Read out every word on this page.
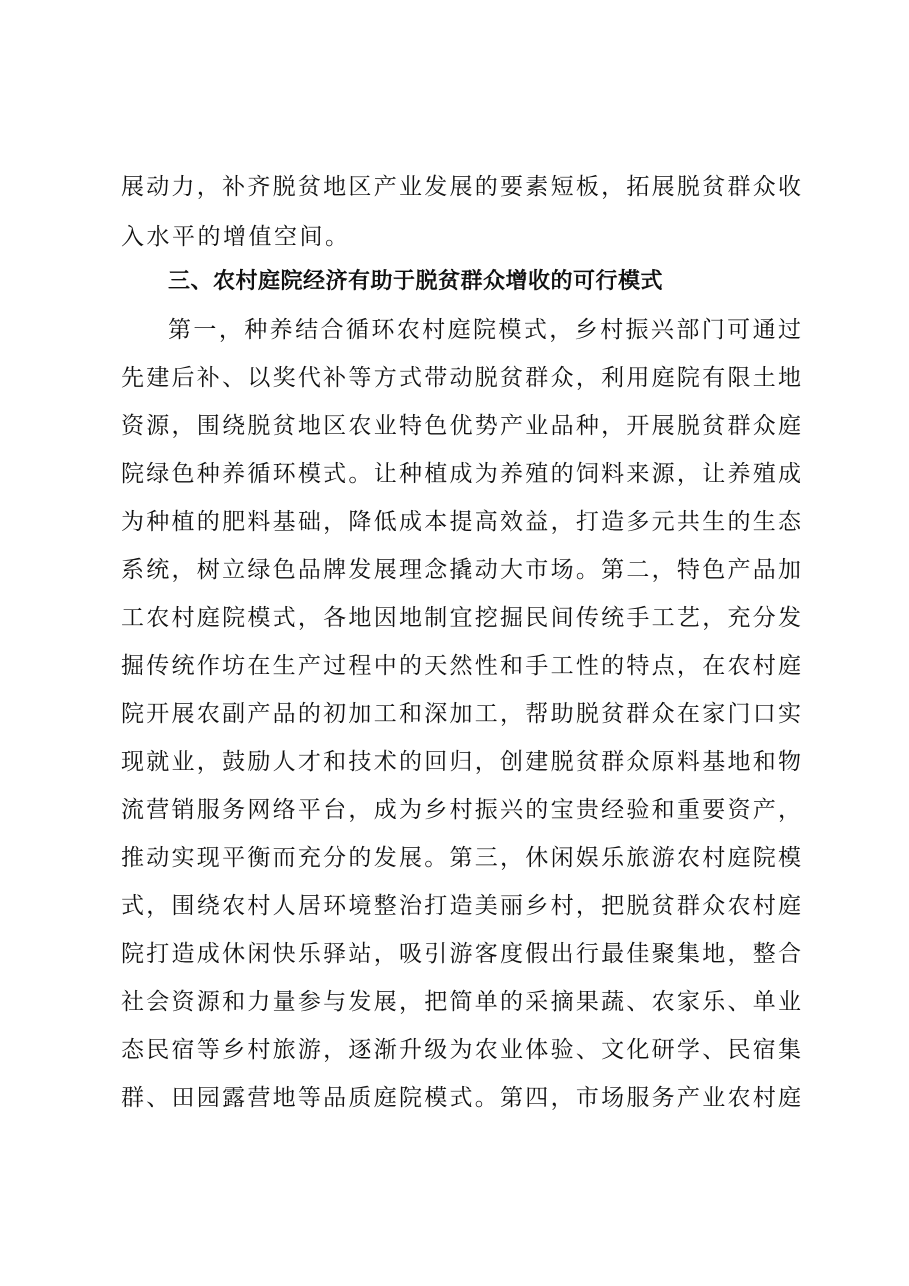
展动力，补齐脱贫地区产业发展的要素短板，拓展脱贫群众收
入水平的增值空间。
三、农村庭院经济有助于脱贫群众增收的可行模式
第一，种养结合循环农村庭院模式，乡村振兴部门可通过
先建后补、以奖代补等方式带动脱贫群众，利用庭院有限土地
资源，围绕脱贫地区农业特色优势产业品种，开展脱贫群众庭
院绿色种养循环模式。让种植成为养殖的饲料来源，让养殖成
为种植的肥料基础，降低成本提高效益，打造多元共生的生态
系统，树立绿色品牌发展理念撬动大市场。第二，特色产品加
工农村庭院模式，各地因地制宜挖掘民间传统手工艺，充分发
掘传统作坊在生产过程中的天然性和手工性的特点，在农村庭
院开展农副产品的初加工和深加工，帮助脱贫群众在家门口实
现就业，鼓励人才和技术的回归，创建脱贫群众原料基地和物
流营销服务网络平台，成为乡村振兴的宝贵经验和重要资产，
推动实现平衡而充分的发展。第三，休闲娱乐旅游农村庭院模
式，围绕农村人居环境整治打造美丽乡村，把脱贫群众农村庭
院打造成休闲快乐驿站，吸引游客度假出行最佳聚集地，整合
社会资源和力量参与发展，把简单的采摘果蔬、农家乐、单业
态民宿等乡村旅游，逐渐升级为农业体验、文化研学、民宿集
群、田园露营地等品质庭院模式。第四，市场服务产业农村庭
